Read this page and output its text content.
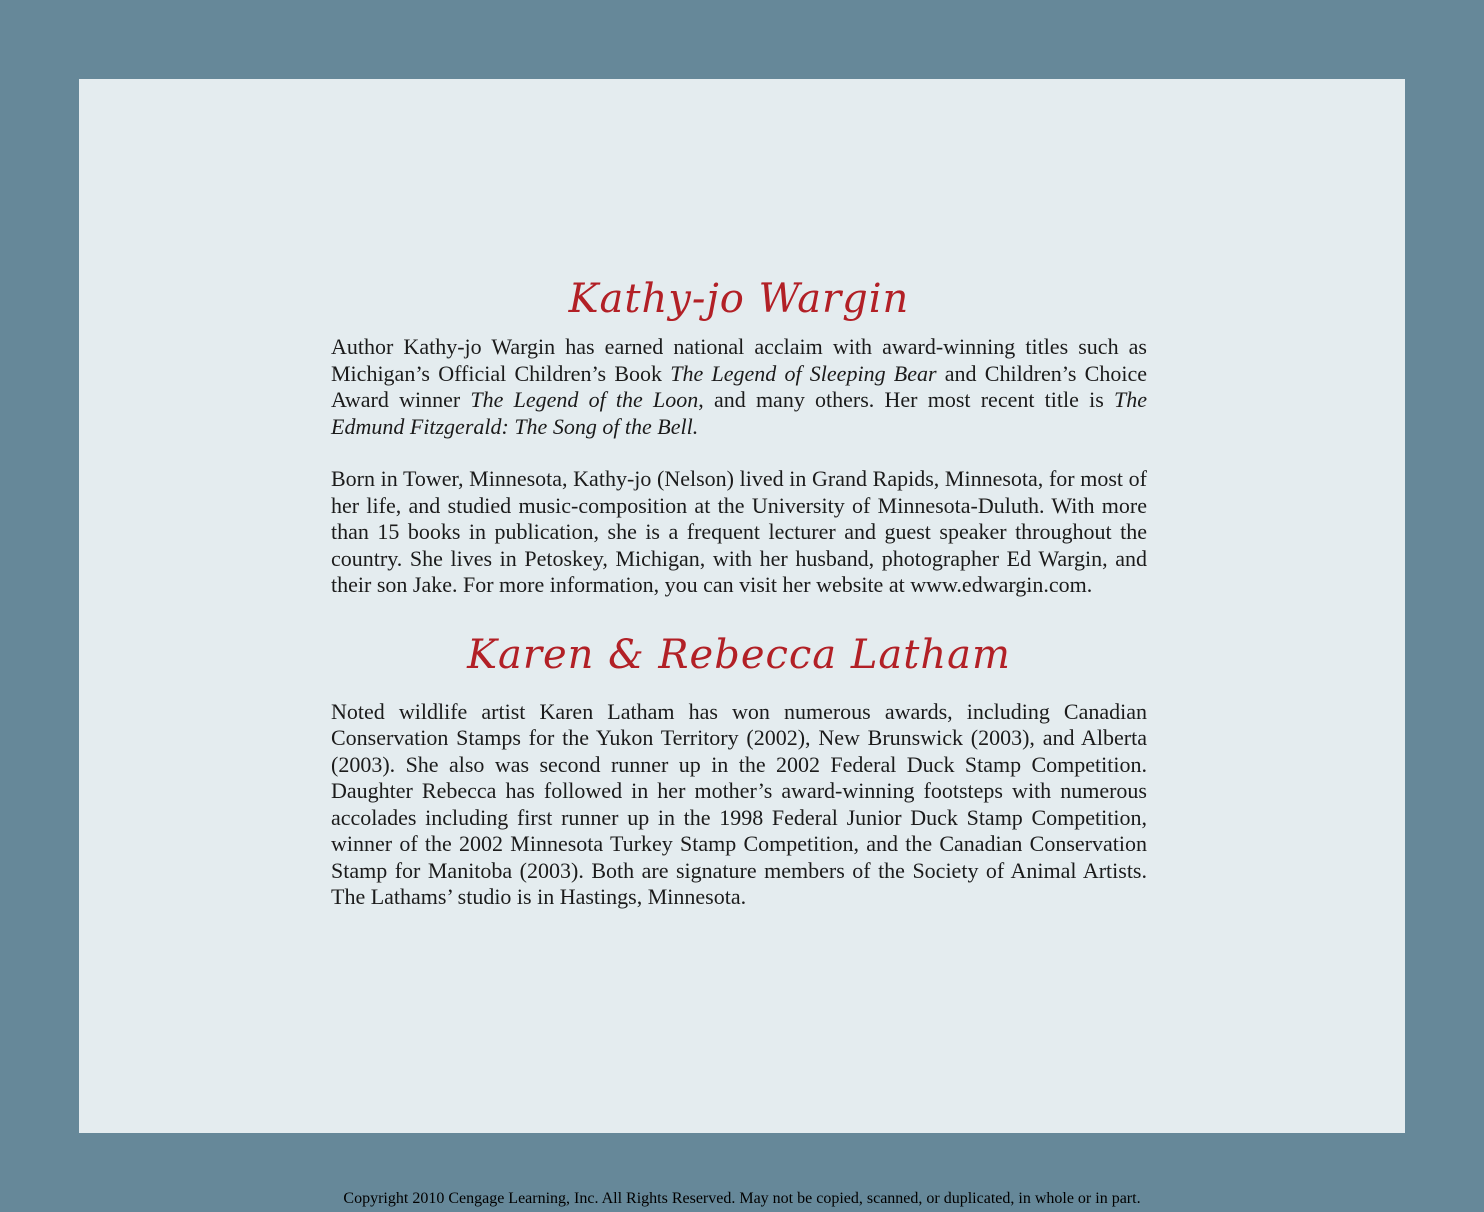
Kathy-jo Wargin

Author Kathy-jo Wargin has earned national acclaim with award-winning titles such as Michigan’s Official Children’s Book The Legend of Sleeping Bear and Children’s Choice Award winner The Legend of the Loon, and many others. Her most recent title is The Edmund Fitzgerald: The Song of the Bell.

Born in Tower, Minnesota, Kathy-jo (Nelson) lived in Grand Rapids, Minnesota, for most of her life, and studied music-composition at the University of Minnesota-Duluth. With more than 15 books in publication, she is a frequent lecturer and guest speaker throughout the country. She lives in Petoskey, Michigan, with her husband, photographer Ed Wargin, and their son Jake. For more information, you can visit her website at www.edwargin.com.

Karen & Rebecca Latham

Noted wildlife artist Karen Latham has won numerous awards, including Canadian Conservation Stamps for the Yukon Territory (2002), New Brunswick (2003), and Alberta (2003). She also was second runner up in the 2002 Federal Duck Stamp Competition. Daughter Rebecca has followed in her mother’s award-winning footsteps with numerous accolades including first runner up in the 1998 Federal Junior Duck Stamp Competition, winner of the 2002 Minnesota Turkey Stamp Competition, and the Canadian Conservation Stamp for Manitoba (2003). Both are signature members of the Society of Animal Artists. The Lathams’ studio is in Hastings, Minnesota.

Copyright 2010 Cengage Learning, Inc. All Rights Reserved. May not be copied, scanned, or duplicated, in whole or in part.
